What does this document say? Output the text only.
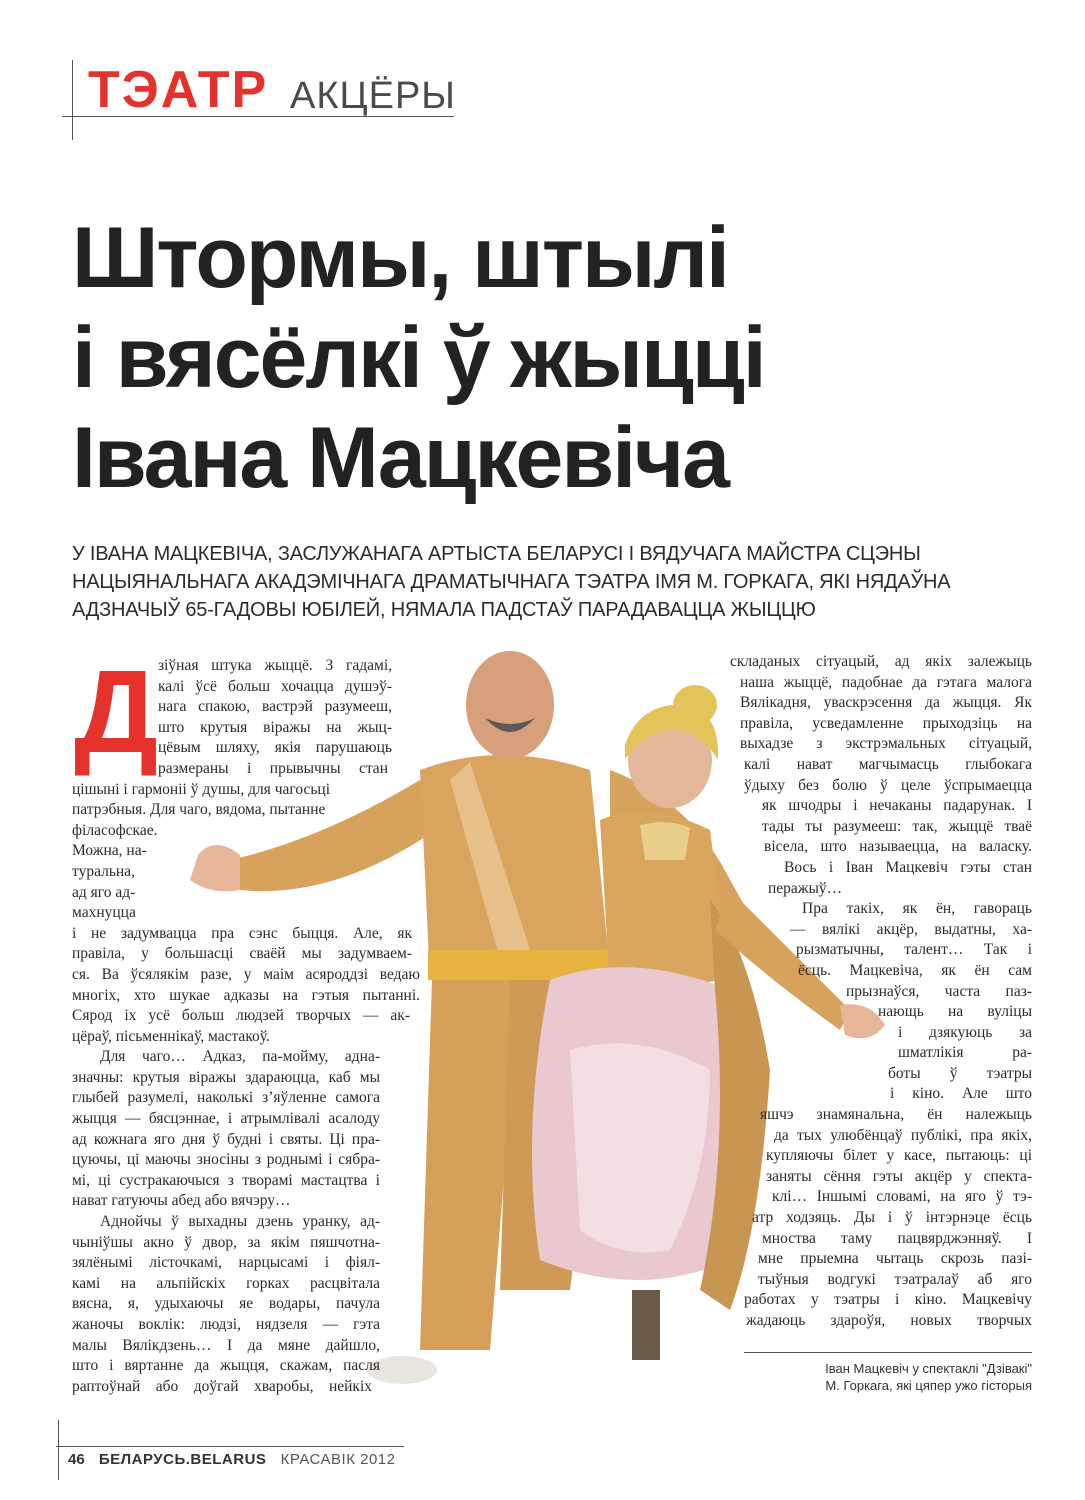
ТЭАТР АКЦЁРЫ
Штормы, штылі
і вясёлкі ў жыцці
Івана Мацкевіча
У ІВАНА МАЦКЕВІЧА, ЗАСЛУЖАНАГА АРТЫСТА БЕЛАРУСІ І ВЯДУЧАГА МАЙСТРА СЦЭНЫ
НАЦЫЯНАЛЬНАГА АКАДЭМІЧНАГА ДРАМАТЫЧНАГА ТЭАТРА ІМЯ М. ГОРКАГА, ЯКІ НЯДАЎНА
АДЗНАЧЫЎ 65-ГАДОВЫ ЮБІЛЕЙ, НЯМАЛА ПАДСТАЎ ПАРАДАВАЦЦА ЖЫЦЦЮ
Д зіўная штука жыццё. З гадамі,
калі ўсё больш хочацца душэў-
нага спакою, вастрэй разумееш,
што крутыя віражы на жыц-
цёвым шляху, якія парушаюць
размераны і прывычны стан
цішыні і гармоніі ў душы, для чагосьці
патрэбныя. Для чаго, вядома, пытанне
філасофскае.
Можна, на-
туральна,
ад яго ад-
махнуцца
і не задумвацца пра сэнс быцця. Але, як
правіла, у большасці сваёй мы задумваем-
ся. Ва ўсялякім разе, у маім асяроддзі ведаю
многіх, хто шукае адказы на гэтыя пытанні.
Сярод іх усё больш людзей творчых — ак-
цёраў, пісьменнікаў, мастакоў.
Для чаго… Адказ, па-мойму, адна-
значны: крутыя віражы здараюцца, каб мы
глыбей разумелі, наколькі з’яўленне самога
жыцця — бясцэннае, і атрымлівалі асалоду
ад кожнага яго дня ў будні і святы. Ці пра-
цуючы, ці маючы зносіны з роднымі і сябра-
мі, ці сустракаючыся з творамі мастацтва і
нават гатуючы абед або вячэру…
Аднойчы ў выхадны дзень уранку, ад-
чыніўшы акно ў двор, за якім пяшчотна-
зялёнымі лісточкамі, нарцысамі і фіял-
камі на альпійскіх горках расцвітала
вясна, я, удыхаючы яе водары, пачула
жаночы воклік: людзі, нядзеля — гэта
малы Вялікдзень… І да мяне дайшло,
што і вяртанне да жыцця, скажам, пасля
раптоўнай або доўгай хваробы, нейкіх
складаных сітуацый, ад якіх залежыць
наша жыццё, падобнае да гэтага малога
Вялікадня, уваскрэсення да жыцця. Як
правіла, усведамленне прыходзіць на
выхадзе з экстрэмальных сітуацый,
калі нават магчымасць глыбокага
ўдыху без болю ў целе ўспрымаецца
як шчодры і нечаканы падарунак. І
тады ты разумееш: так, жыццё тваё
вісела, што называецца, на валаску.
Вось і Іван Мацкевіч гэты стан
перажыў…
Пра такіх, як ён, гавораць
— вялікі акцёр, выдатны, ха-
рызматычны, талент… Так і
ёсць. Мацкевіча, як ён сам
прызнаўся, часта паз-
нающь на вуліцы
і дзякуюць за
шматлікія ра-
боты ў тэатры
і кіно. Але што
яшчэ знамянальна, ён належыць
да тых улюбёнцаў публікі, пра якіх,
купляючы білет у касе, пытаюць: ці
заняты сёння гэты акцёр у спекта-
клі… Іншымі словамі, на яго ў тэ-
атр ходзяць. Ды і ў інтэрнэце ёсць
мноства таму пацвярджэнняў. І
мне прыемна чытаць скрозь пазі-
тыўныя водгукі тэатралаў аб яго
работах у тэатры і кіно. Мацкевічу
жадаюць здароўя, новых творчых
Іван Мацкевіч у спектаклі "Дзівакі"
М. Горкага, які цяпер ужо гісторыя
46 БЕЛАРУСЬ.BELARUS КРАСАВІК 2012
